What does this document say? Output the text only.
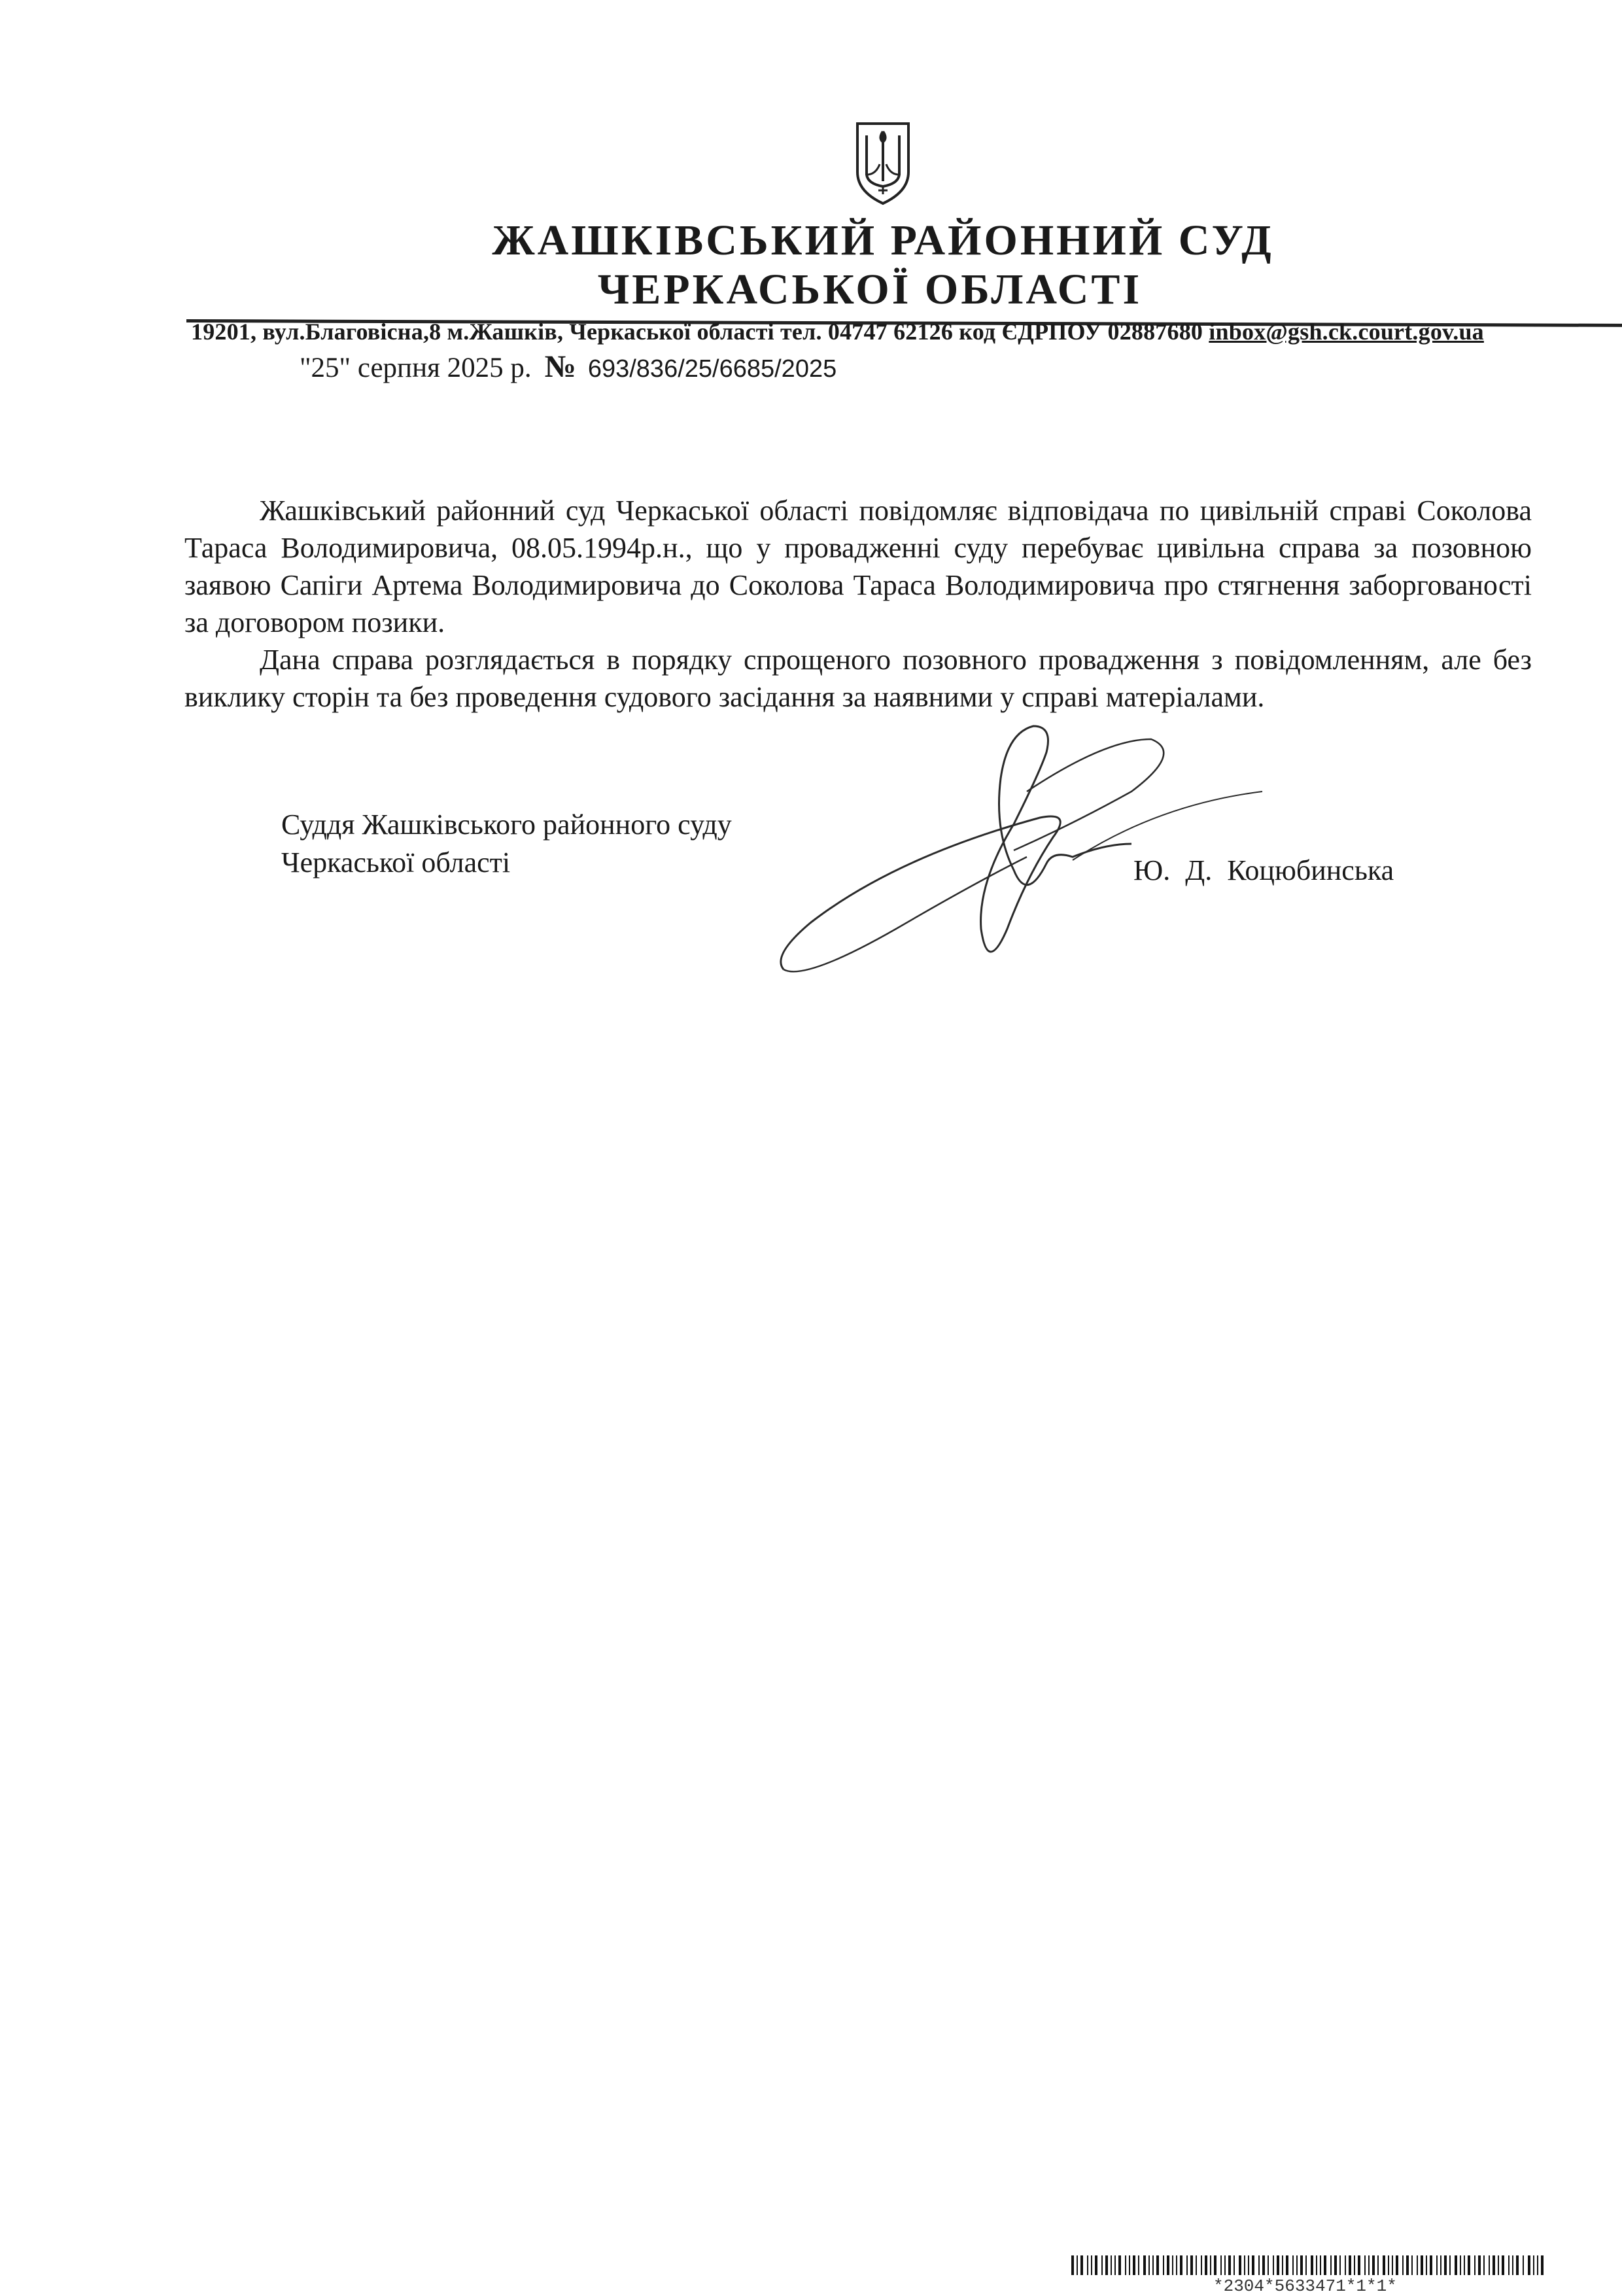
ЖАШКІВСЬКИЙ РАЙОННИЙ СУД
ЧЕРКАСЬКОЇ ОБЛАСТІ
19201, вул.Благовісна,8 м.Жашків, Черкаської області тел. 04747 62126 код ЄДРПОУ 02887680 inbox@gsh.ck.court.gov.ua
"25" серпня 2025 р. № 693/836/25/6685/2025

Жашківський районний суд Черкаської області повідомляє відповідача по цивільній справі Соколова Тараса Володимировича, 08.05.1994р.н., що у провадженні суду перебуває цивільна справа за позовною заявою Сапіги Артема Володимировича до Соколова Тараса Володимировича про стягнення заборгованості за договором позики.

Дана справа розглядається в порядку спрощеного позовного провадження з повідомленням, але без виклику сторін та без проведення судового засідання за наявними у справі матеріалами.

Суддя Жашківського районного суду
Черкаської області	Ю. Д. Коцюбинська
*2304*5633471*1*1*
